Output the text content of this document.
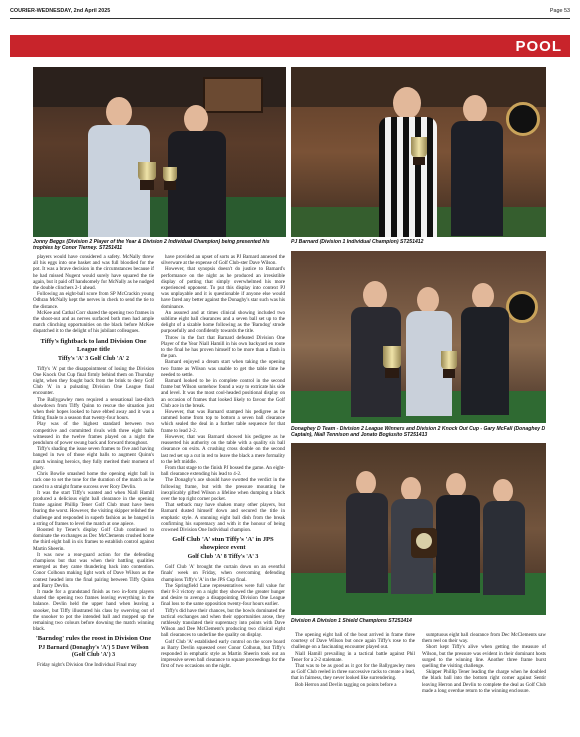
COURIER-WEDNESDAY, 2nd April 2025	Page 53
POOL
Jonny Beggs (Division 2 Player of the Year & Division 2 Individual Champion) being presented his trophies by Conor Tierney. ST251411
PJ Barnard (Division 1 Individual Champion) ST251412
Donaghey D Team - Division 2 League Winners and Division 2 Knock Out Cup - Gary McFall (Donaghey D Captain), Niall Tennison and Jonato Bogiusito ST251413
Division A Division 1 Shield Champions ST251414

players would have considered a safety. McNally threw all his eggs into one basket and was full bloodied for the pot. It was a brave decision in the circumstances because if he had missed Nugent would surely have squared the tie again, but it paid off handsomely for McNally as he nudged the double clinchers 2-1 ahead.

Following an eight-ball score from SP McCrackin young Odhran McNally kept the nerves in check to send the tie to the distance.

McKee and Cathal Corr shared the opening two frames in the shoot-out and as nerves surfaced both men had ample match clinching opportunities on the black before McKee dispatched it to the delight of his jubilant colleagues.

Tiffy's fightback to land Division One League title
Tiffy's 'A' 3 Golf Club 'A' 2

Tiffy's 'A' put the disappointment of losing the Division One Knock Out Cup final firmly behind them on Thursday night, when they fought back from the brink to deny Golf Club 'A' in a pulsating Division One League final encounter.

The Ballygawley men required a sensational last-ditch showdown from Tiffy Quinn to rescue the situation just when their hopes looked to have ebbed away and it was a fitting finale to a season that twenty-four hours.

Play was of the highest standard between two competitive and committed rivals with three eight balls witnessed in the twelve frames played on a night the pendulum of power swung back and forward throughout.

Tiffy's shading the issue seven frames to five and having banged in two of those eight balls to augment Quinn's match winning heroics, they fully merited their moment of glory.

Chris Bowlie smashed home the opening eight ball in rack one to set the tone for the duration of the match as he raced to a straight frame success over Rory Devlin.

It was the start Tiffy's wanted and when Niall Hamill produced a delicious eight ball clearance in the opening frame against Phillip Tener Golf Club must have been fearing the worst. However, the visiting skipper relished the challenge and responded in superb fashion as he banged in a string of frames to level the match at one apiece.

Boosted by Tener's display Golf Club continued to dominate the exchanges as Dec McClements crushed home the third eight ball in six frames to establish control against Martin Sheerin.

It was now a rear-guard action for the defending champions but that was when their battling qualities emerged as they came thundering back into contention. Conor Colhoun making light work of Dave Wilson as the contest headed into the final pairing between Tiffy Quinn and Barry Devlin.

It made for a grandstand finish as two in-form players shared the opening two frames leaving everything in the balance. Devlin held the upper hand when leaving a snooker, but Tiffy illustrated his class by swerving out of the snooker to pot the intended ball and mopped up the remaining two colours before downing the match winning black.

'Barndog' rules the roost in Division One
PJ Barnard (Donaghy's 'A') 5 Dave Wilson (Golf Club 'A') 3

Friday night's Division One Individual Final may

have provided an upset of sorts as PJ Barnard annexed the silverware at the expense of Golf Club-ster Dave Wilson.

However, that synopsis doesn't do justice to Barnard's performance on the night as he produced an irresistible display of potting that simply overwhelmed his more experienced opponent. To put this display into context PJ was unplayable and it is questionable if anyone else would have fared any better against the Donaghy's star such was his dominance.

An assured and at times clinical showing included two sublime eight ball clearances and a seven ball set up to the delight of a sizable home following as the 'Barndog' strode purposefully and confidently towards the title.

Throw in the fact that Barnard defeated Division One Player of the Year Niall Hamill in his own backyard en route to the final he has proven himself to be more than a flash in the pan.

Barnard enjoyed a dream start when taking the opening two frame as Wilson was unable to get the table time he needed to settle.

Barnard looked to be in complete control in the second frame but Wilson somehow found a way to extricate his side and level. It was the most cool-headed positional display on an occasion of frames that looked likely to favour the Golf Club ace in the break.

However, that was Barnard stamped his pedigree as he rammed home from top to bottom a seven ball clearance which sealed the deal in a further table sequence for that frame to lead 2-2.

However, that was Barnard showed his pedigree as he reasserted his authority on the table with a quality six ball clearance on exits. A crushing cross double on the second last red set up a cut in red to leave the black a mere formality to the left middle.

From that stage to the finish PJ bossed the game. An eight-ball clearance extending his lead to 4-2.

The Donaghy's ace should have swotted the verdict in the following frame, but with the pressure mounting he inexplicably gifted Wilson a lifeline when dumping a black over the top right corner pocket.

That setback may have shaken many other players, but Barnard dusted himself down and secured the title in emphatic style. A stunning eight ball dish from the break confirming his supremacy and with it the honour of being crowned Division One Individual champion.

Golf Club 'A' stun Tiffy's 'A' in JPS showpiece event
Golf Club 'A' 8 Tiffy's 'A' 3

Golf Club 'A' brought the curtain down on an eventful finals' week on Friday, when overcoming defending champions Tiffy's 'A' in the JPS Cup final.

The Springfield Lane representatives were full value for their 8-3 victory on a night they showed the greater hunger and desire to avenge a disappointing Division One League final loss to the same opposition twenty-four hours earlier.

Tiffy's did have their chances, but the bowls dominated the tactical exchanges and when their opportunities arose, they ruthlessly translated their supremacy into points with Dave Wilson and Dee McClement's producing two clinical eight ball clearances to underline the quality on display.

Golf Club 'A' established early control on the score board as Barry Devlin squeezed over Conor Colhoun, but Tiffy's responded in emphatic style as Martin Sheerin took out an impressive seven ball clearance to square proceedings for the first of two occasions on the night.

The opening eight ball of the bout arrived in frame three courtesy of Dave Wilson but once again Tiffy's rose to the challenge on a fascinating encounter played out.

Niall Hamill prevailing in a tactical battle against Phil Tener for a 2-2 stalemate.

That was to be as good as it got for the Ballygawley men as Golf Club reeled in three successive racks to create a lead, that in fairness, they never looked like surrendering.

Bob Herron and Devlin tagging on points before a

sumptuous eight ball clearance from Dec McClements saw them reel on their way.

Short kept Tiffy's alive when getting the measure of Wilson, but the pressure was evident in their dominant hosts surged to the winning line. Another three frame burst quelling the visiting challenge.

Skipper Phillip Tener leading the charge when he doubled the black ball into the bottom right corner against Sentir leaving Herron and Devlin to complete the deal as Golf Club made a long overdue return to the winning enclosure.
